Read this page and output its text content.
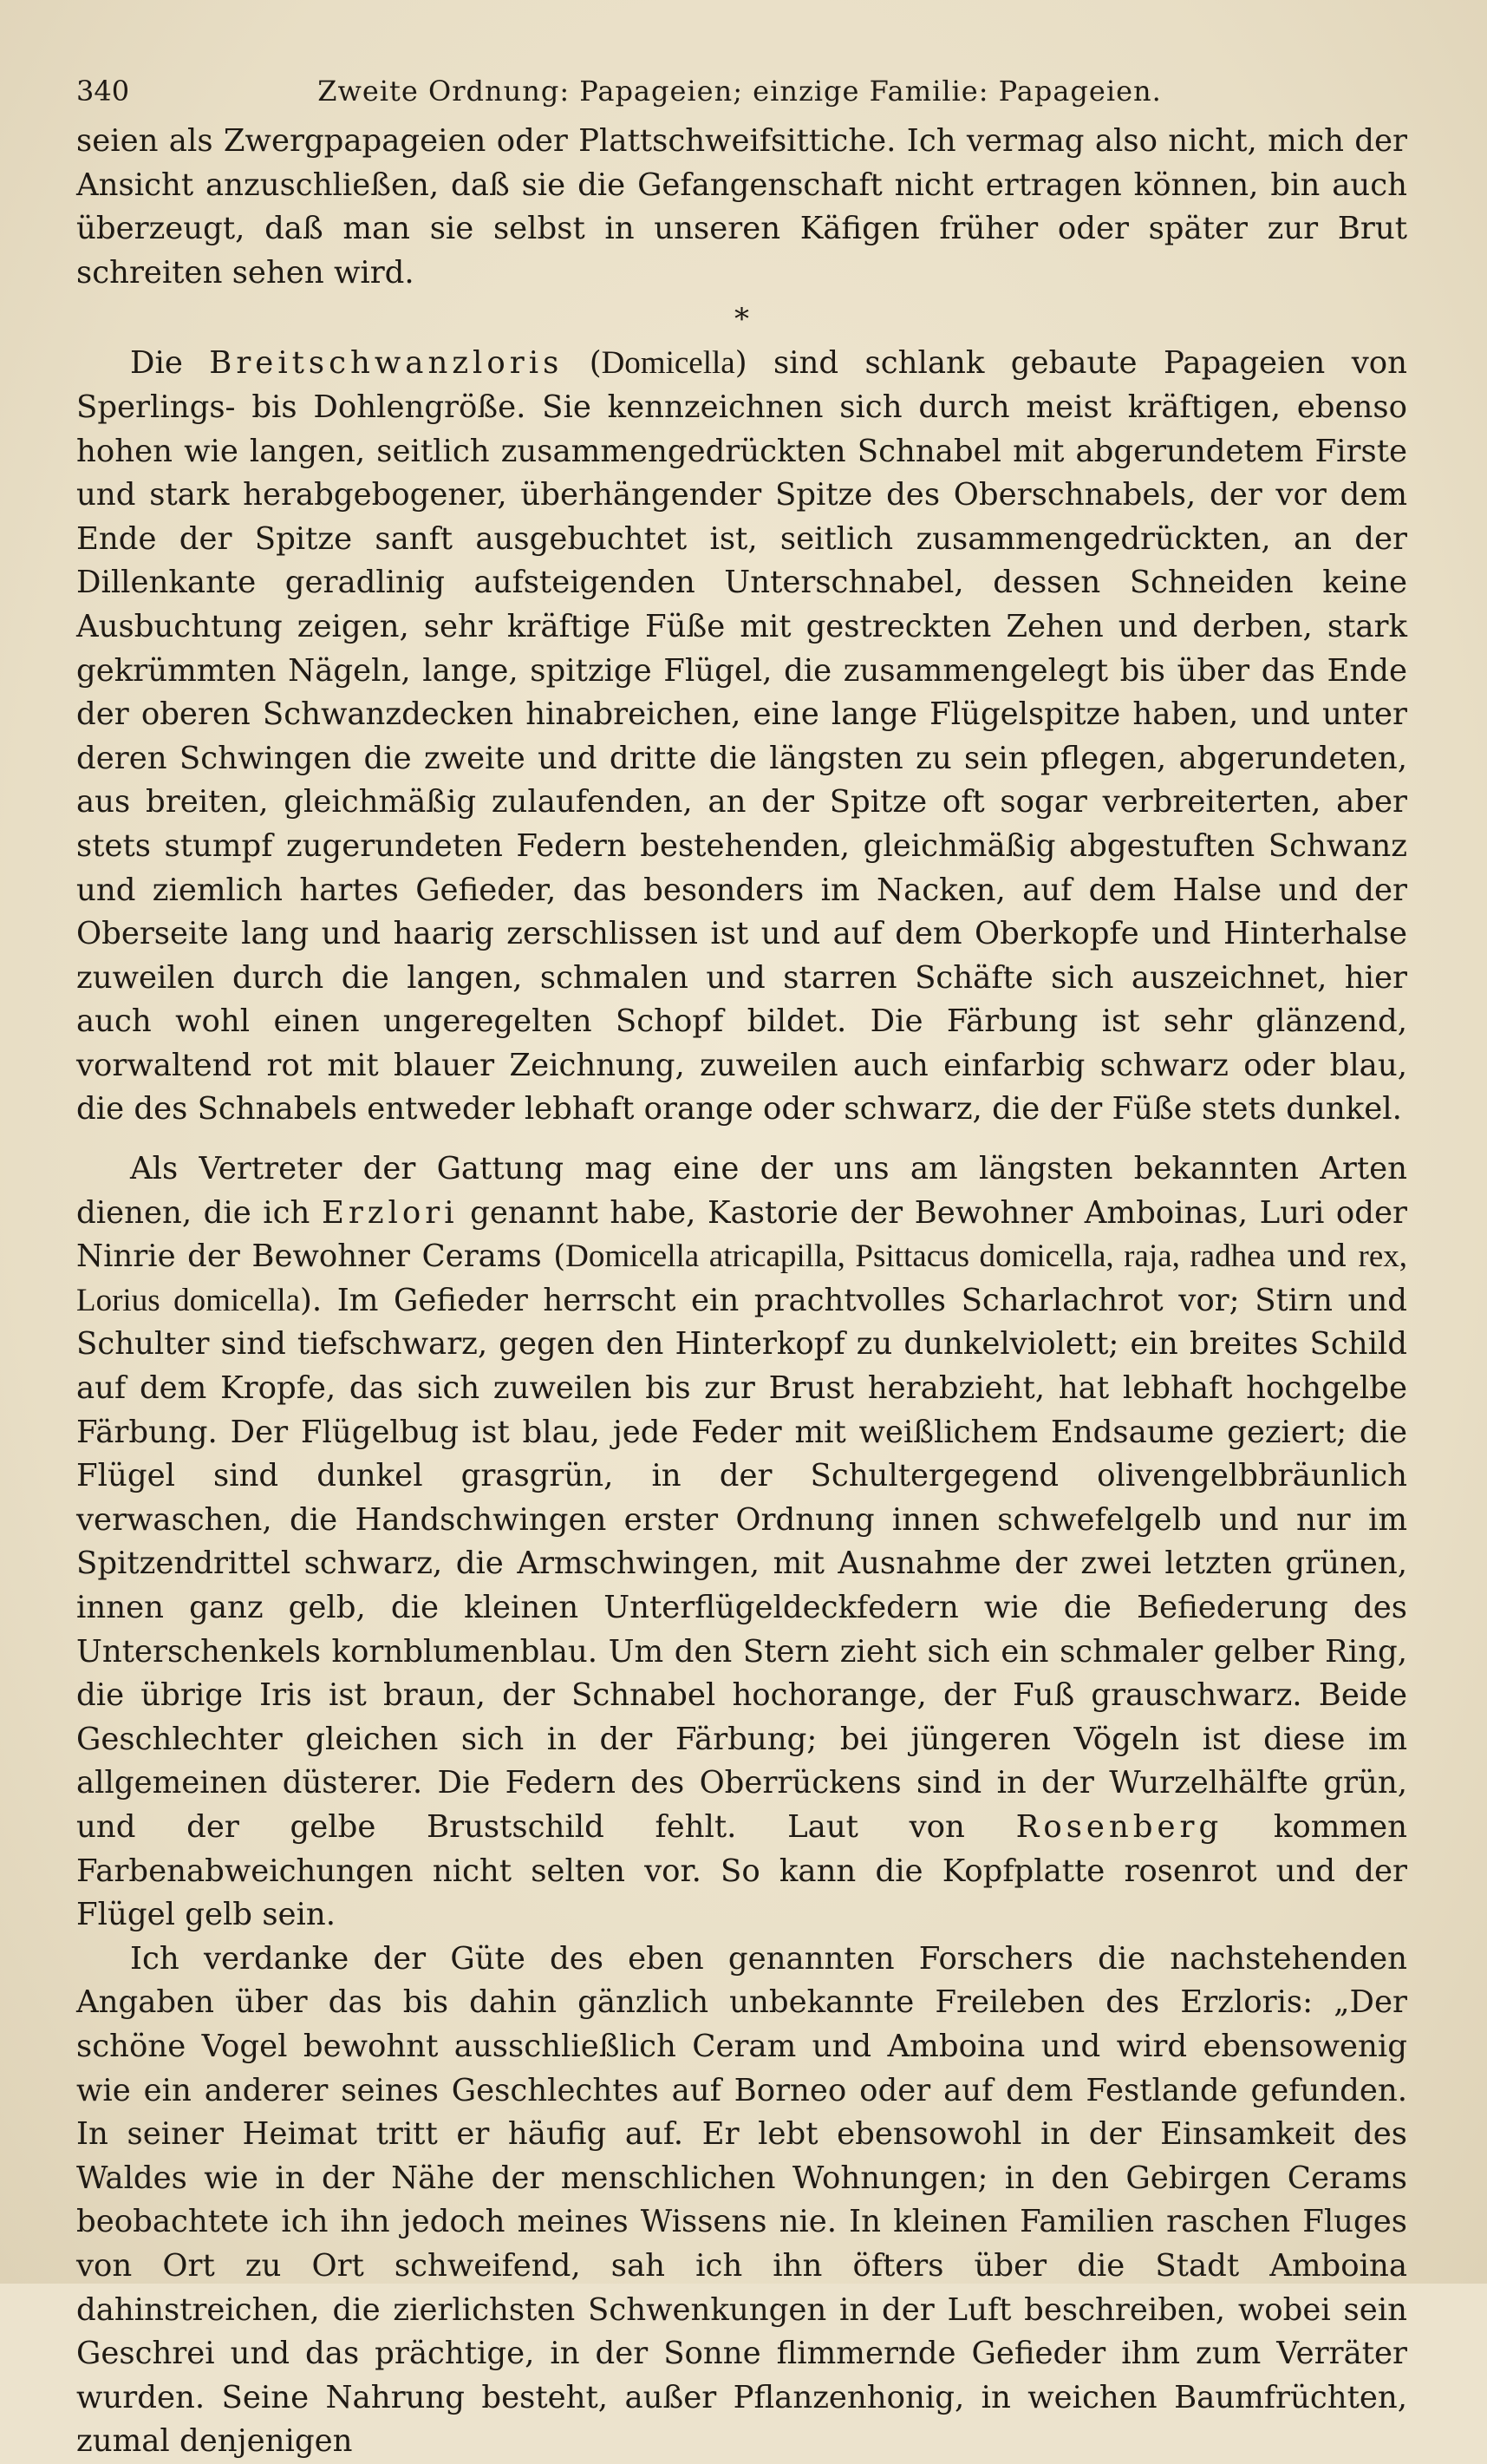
340	Zweite Ordnung: Papageien; einzige Familie: Papageien.

seien als Zwergpapageien oder Plattschweifsittiche. Ich vermag also nicht, mich der Ansicht anzuschließen, daß sie die Gefangenschaft nicht ertragen können, bin auch überzeugt, daß man sie selbst in unseren Käfigen früher oder später zur Brut schreiten sehen wird.

*

Die Breitschwanzloris (Domicella) sind schlank gebaute Papageien von Sperlings- bis Dohlengröße. Sie kennzeichnen sich durch meist kräftigen, ebenso hohen wie langen, seitlich zusammengedrückten Schnabel mit abgerundetem Firste und stark herabgebogener, überhängender Spitze des Oberschnabels, der vor dem Ende der Spitze sanft ausgebuchtet ist, seitlich zusammengedrückten, an der Dillenkante geradlinig aufsteigenden Unterschnabel, dessen Schneiden keine Ausbuchtung zeigen, sehr kräftige Füße mit gestreckten Zehen und derben, stark gekrümmten Nägeln, lange, spitzige Flügel, die zusammengelegt bis über das Ende der oberen Schwanzdecken hinabreichen, eine lange Flügelspitze haben, und unter deren Schwingen die zweite und dritte die längsten zu sein pflegen, abgerundeten, aus breiten, gleichmäßig zulaufenden, an der Spitze oft sogar verbreiterten, aber stets stumpf zugerundeten Federn bestehenden, gleichmäßig abgestuften Schwanz und ziemlich hartes Gefieder, das besonders im Nacken, auf dem Halse und der Oberseite lang und haarig zerschlissen ist und auf dem Oberkopfe und Hinterhalse zuweilen durch die langen, schmalen und starren Schäfte sich auszeichnet, hier auch wohl einen ungeregelten Schopf bildet. Die Färbung ist sehr glänzend, vorwaltend rot mit blauer Zeichnung, zuweilen auch einfarbig schwarz oder blau, die des Schnabels entweder lebhaft orange oder schwarz, die der Füße stets dunkel.

Als Vertreter der Gattung mag eine der uns am längsten bekannten Arten dienen, die ich Erzlori genannt habe, Kastorie der Bewohner Amboinas, Luri oder Ninrie der Bewohner Cerams (Domicella atricapilla, Psittacus domicella, raja, radhea und rex, Lorius domicella). Im Gefieder herrscht ein prachtvolles Scharlachrot vor; Stirn und Schulter sind tiefschwarz, gegen den Hinterkopf zu dunkelviolett; ein breites Schild auf dem Kropfe, das sich zuweilen bis zur Brust herabzieht, hat lebhaft hochgelbe Färbung. Der Flügelbug ist blau, jede Feder mit weißlichem Endsaume geziert; die Flügel sind dunkel grasgrün, in der Schultergegend olivengelbbräunlich verwaschen, die Handschwingen erster Ordnung innen schwefelgelb und nur im Spitzendrittel schwarz, die Armschwingen, mit Ausnahme der zwei letzten grünen, innen ganz gelb, die kleinen Unterflügeldeckfedern wie die Befiederung des Unterschenkels kornblumenblau. Um den Stern zieht sich ein schmaler gelber Ring, die übrige Iris ist braun, der Schnabel hochorange, der Fuß grauschwarz. Beide Geschlechter gleichen sich in der Färbung; bei jüngeren Vögeln ist diese im allgemeinen düsterer. Die Federn des Oberrückens sind in der Wurzelhälfte grün, und der gelbe Brustschild fehlt. Laut von Rosenberg kommen Farbenabweichungen nicht selten vor. So kann die Kopfplatte rosenrot und der Flügel gelb sein.

Ich verdanke der Güte des eben genannten Forschers die nachstehenden Angaben über das bis dahin gänzlich unbekannte Freileben des Erzloris: „Der schöne Vogel bewohnt ausschließlich Ceram und Amboina und wird ebensowenig wie ein anderer seines Geschlechtes auf Borneo oder auf dem Festlande gefunden. In seiner Heimat tritt er häufig auf. Er lebt ebensowohl in der Einsamkeit des Waldes wie in der Nähe der menschlichen Wohnungen; in den Gebirgen Cerams beobachtete ich ihn jedoch meines Wissens nie. In kleinen Familien raschen Fluges von Ort zu Ort schweifend, sah ich ihn öfters über die Stadt Amboina dahinstreichen, die zierlichsten Schwenkungen in der Luft beschreiben, wobei sein Geschrei und das prächtige, in der Sonne flimmernde Gefieder ihm zum Verräter wurden. Seine Nahrung besteht, außer Pflanzenhonig, in weichen Baumfrüchten, zumal denjenigen
